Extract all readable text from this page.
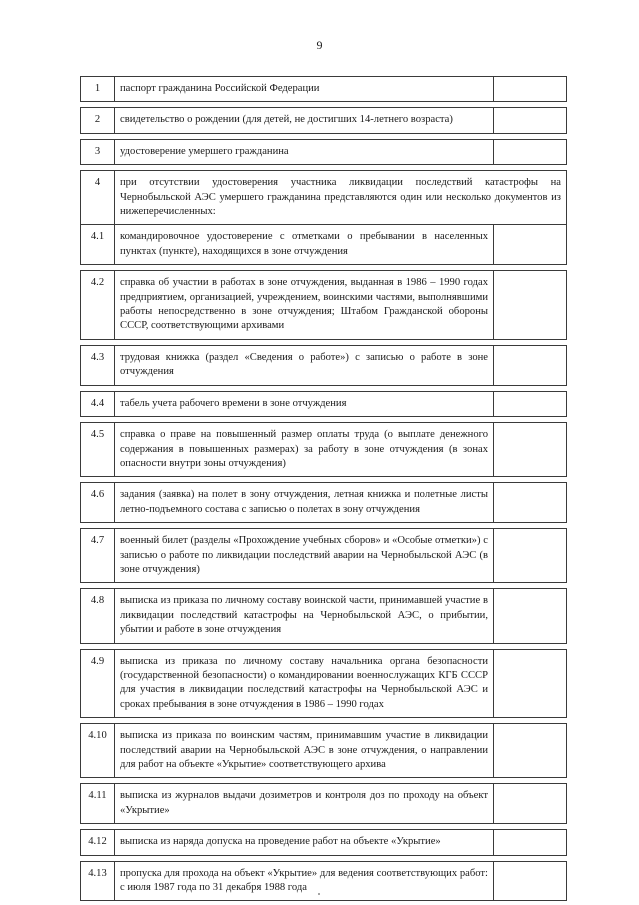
9
1	паспорт гражданина Российской Федерации	

2	свидетельство о рождении (для детей, не достигших 14-летнего возраста)	

3	удостоверение умершего гражданина	

4	при отсутствии удостоверения участника ликвидации последствий катастрофы на Чернобыльской АЭС умершего гражданина представляются один или несколько документов из нижеперечисленных:	
4.1	командировочное удостоверение с отметками о пребывании в населенных пунктах (пункте), находящихся в зоне отчуждения	

4.2	справка об участии в работах в зоне отчуждения, выданная в 1986 – 1990 годах предприятием, организацией, учреждением, воинскими частями, выполнявшими работы непосредственно в зоне отчуждения; Штабом Гражданской обороны СССР, соответствующими архивами	

4.3	трудовая книжка (раздел «Сведения о работе») с записью о работе в зоне отчуждения	

4.4	табель учета рабочего времени в зоне отчуждения	

4.5	справка о праве на повышенный размер оплаты труда (о выплате денежного содержания в повышенных размерах) за работу в зоне отчуждения (в зонах опасности внутри зоны отчуждения)	

4.6	задания (заявка) на полет в зону отчуждения, летная книжка и полетные листы летно-подъемного состава с записью о полетах в зону отчуждения	

4.7	военный билет (разделы «Прохождение учебных сборов» и «Особые отметки») с записью о работе по ликвидации последствий аварии на Чернобыльской АЭС (в зоне отчуждения)	

4.8	выписка из приказа по личному составу воинской части, принимавшей участие в ликвидации последствий катастрофы на Чернобыльской АЭС, о прибытии, убытии и работе в зоне отчуждения	

4.9	выписка из приказа по личному составу начальника органа безопасности (государственной безопасности) о командировании военнослужащих КГБ СССР для участия в ликвидации последствий катастрофы на Чернобыльской АЭС и сроках пребывания в зоне отчуждения в 1986 – 1990 годах	

4.10	выписка из приказа по воинским частям, принимавшим участие в ликвидации последствий аварии на Чернобыльской АЭС в зоне отчуждения, о направлении для работ на объекте «Укрытие» соответствующего архива	

4.11	выписка из журналов выдачи дозиметров и контроля доз по проходу на объект «Укрытие»	

4.12	выписка из наряда допуска на проведение работ на объекте «Укрытие»	

4.13	пропуска для прохода на объект «Укрытие» для ведения соответствующих работ: с июля 1987 года по 31 декабря 1988 года	
